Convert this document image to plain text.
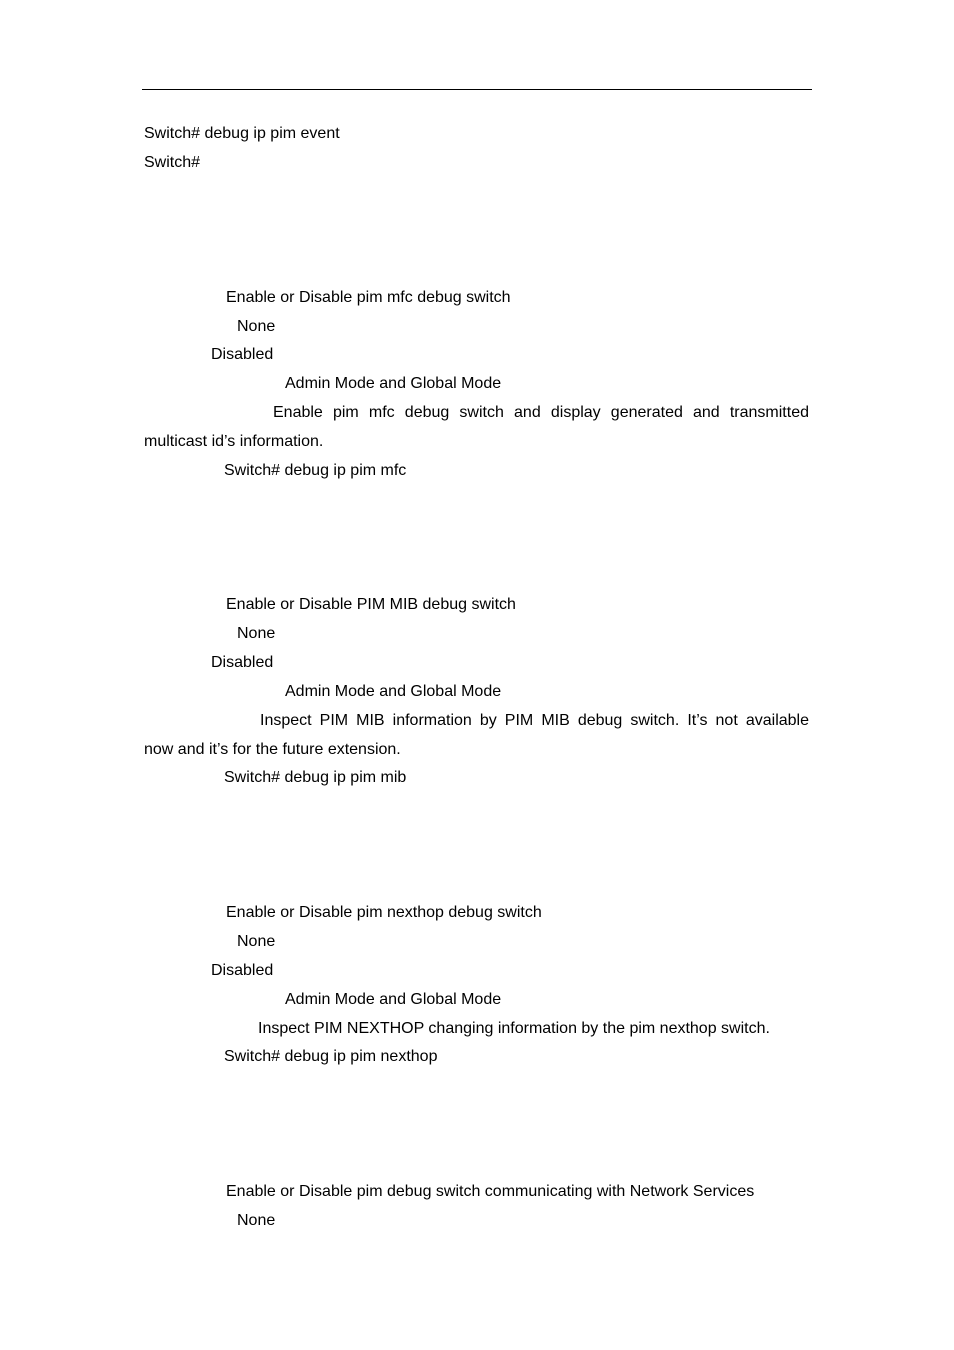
Switch# debug ip pim event
Switch#
Enable or Disable pim mfc debug switch
None
Disabled
Admin Mode and Global Mode
Enable pim mfc debug switch and display generated and transmitted
multicast id’s information.
Switch# debug ip pim mfc
Enable or Disable PIM MIB debug switch
None
Disabled
Admin Mode and Global Mode
Inspect PIM MIB information by PIM MIB debug switch. It’s not available
now and it’s for the future extension.
Switch# debug ip pim mib
Enable or Disable pim nexthop debug switch
None
Disabled
Admin Mode and Global Mode
Inspect PIM NEXTHOP changing information by the pim nexthop switch.
Switch# debug ip pim nexthop
Enable or Disable pim debug switch communicating with Network Services
None
